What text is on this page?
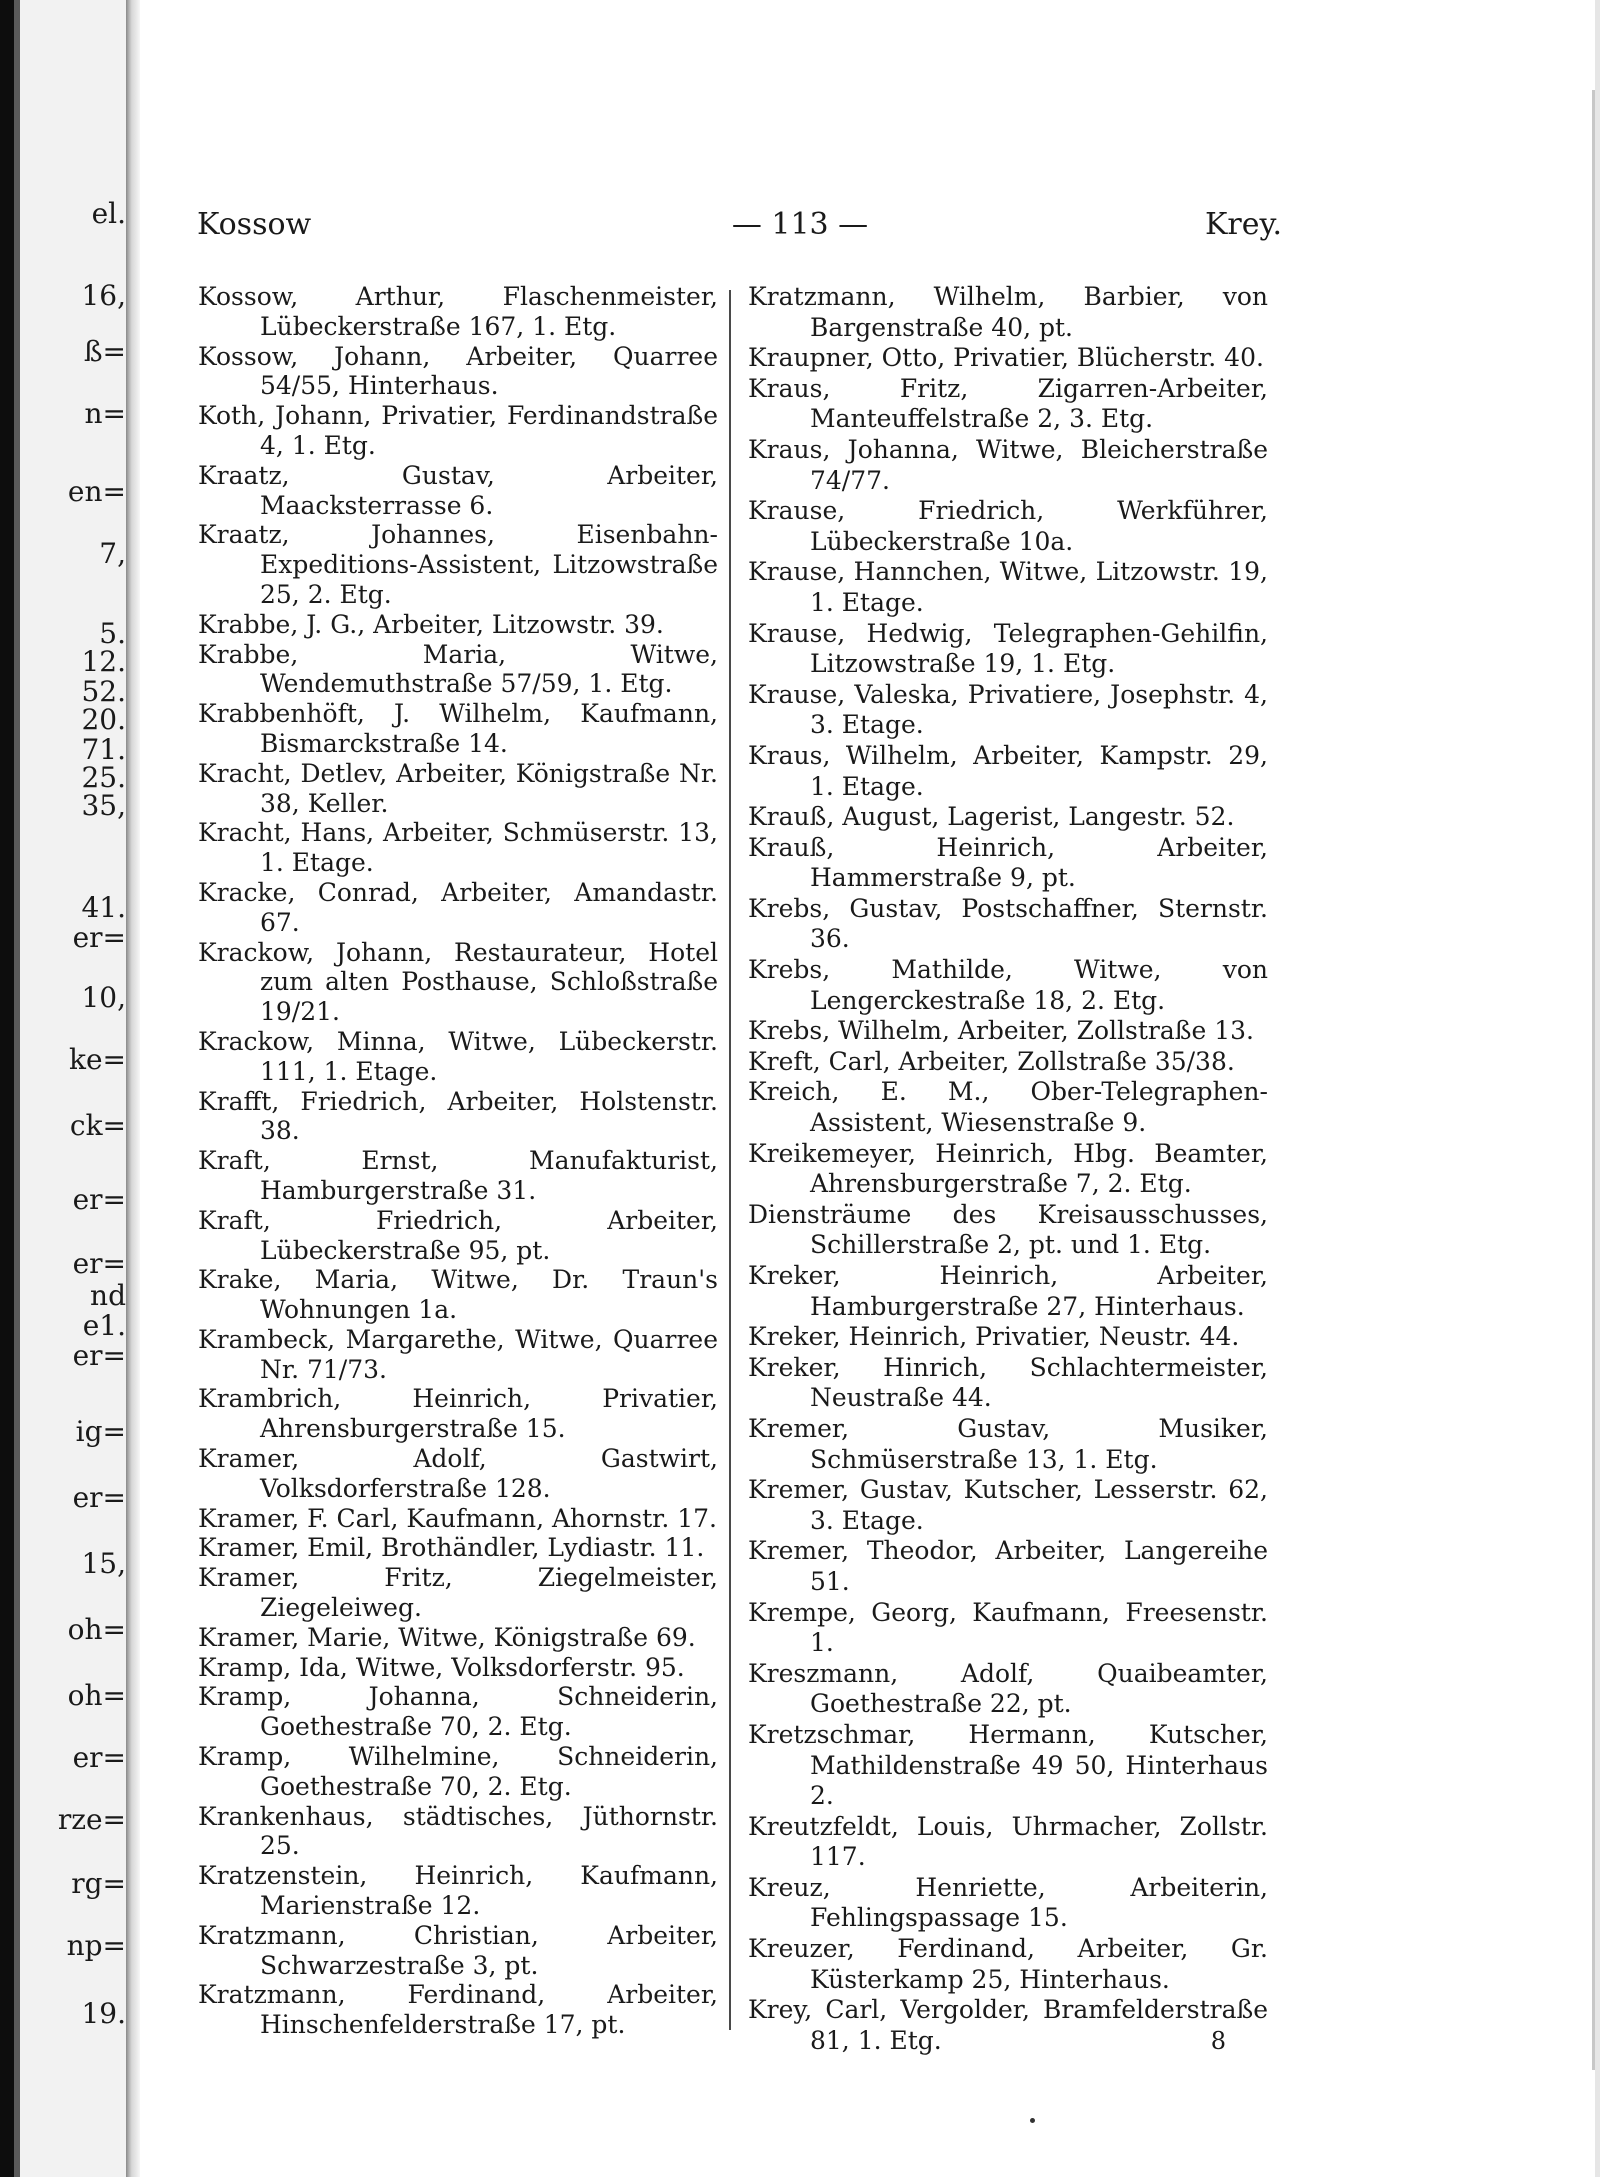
el.
16,
ß=
n=
en=
7,
5.
12.
52.
20.
71.
25.
35,
41.
er=
10,
ke=
ck=
er=
er=
nd
e1.
er=
ig=
er=
15,
oh=
oh=
er=
rze=
rg=
np=
19.
Kossow	— 113 —	Krey.
Kossow, Arthur, Flaschenmeister, Lübeckerstraße 167, 1. Etg.
Kossow, Johann, Arbeiter, Quarree 54/55, Hinterhaus.
Koth, Johann, Privatier, Ferdinandstraße 4, 1. Etg.
Kraatz, Gustav, Arbeiter, Maacksterrasse 6.
Kraatz, Johannes, Eisenbahn-Expeditions-Assistent, Litzowstraße 25, 2. Etg.
Krabbe, J. G., Arbeiter, Litzowstr. 39.
Krabbe, Maria, Witwe, Wendemuthstraße 57/59, 1. Etg.
Krabbenhöft, J. Wilhelm, Kaufmann, Bismarckstraße 14.
Kracht, Detlev, Arbeiter, Königstraße Nr. 38, Keller.
Kracht, Hans, Arbeiter, Schmüserstr. 13, 1. Etage.
Kracke, Conrad, Arbeiter, Amandastr. 67.
Krackow, Johann, Restaurateur, Hotel zum alten Posthause, Schloßstraße 19/21.
Krackow, Minna, Witwe, Lübeckerstr. 111, 1. Etage.
Krafft, Friedrich, Arbeiter, Holstenstr. 38.
Kraft, Ernst, Manufakturist, Hamburgerstraße 31.
Kraft, Friedrich, Arbeiter, Lübeckerstraße 95, pt.
Krake, Maria, Witwe, Dr. Traun's Wohnungen 1a.
Krambeck, Margarethe, Witwe, Quarree Nr. 71/73.
Krambrich, Heinrich, Privatier, Ahrensburgerstraße 15.
Kramer, Adolf, Gastwirt, Volksdorferstraße 128.
Kramer, F. Carl, Kaufmann, Ahornstr. 17.
Kramer, Emil, Brothändler, Lydiastr. 11.
Kramer, Fritz, Ziegelmeister, Ziegeleiweg.
Kramer, Marie, Witwe, Königstraße 69.
Kramp, Ida, Witwe, Volksdorferstr. 95.
Kramp, Johanna, Schneiderin, Goethestraße 70, 2. Etg.
Kramp, Wilhelmine, Schneiderin, Goethestraße 70, 2. Etg.
Krankenhaus, städtisches, Jüthornstr. 25.
Kratzenstein, Heinrich, Kaufmann, Marienstraße 12.
Kratzmann, Christian, Arbeiter, Schwarzestraße 3, pt.
Kratzmann, Ferdinand, Arbeiter, Hinschenfelderstraße 17, pt.
Kratzmann, Wilhelm, Barbier, von Bargenstraße 40, pt.
Kraupner, Otto, Privatier, Blücherstr. 40.
Kraus, Fritz, Zigarren-Arbeiter, Manteuffelstraße 2, 3. Etg.
Kraus, Johanna, Witwe, Bleicherstraße 74/77.
Krause, Friedrich, Werkführer, Lübeckerstraße 10a.
Krause, Hannchen, Witwe, Litzowstr. 19, 1. Etage.
Krause, Hedwig, Telegraphen-Gehilfin, Litzowstraße 19, 1. Etg.
Krause, Valeska, Privatiere, Josephstr. 4, 3. Etage.
Kraus, Wilhelm, Arbeiter, Kampstr. 29, 1. Etage.
Krauß, August, Lagerist, Langestr. 52.
Krauß, Heinrich, Arbeiter, Hammerstraße 9, pt.
Krebs, Gustav, Postschaffner, Sternstr. 36.
Krebs, Mathilde, Witwe, von Lengerckestraße 18, 2. Etg.
Krebs, Wilhelm, Arbeiter, Zollstraße 13.
Kreft, Carl, Arbeiter, Zollstraße 35/38.
Kreich, E. M., Ober-Telegraphen-Assistent, Wiesenstraße 9.
Kreikemeyer, Heinrich, Hbg. Beamter, Ahrensburgerstraße 7, 2. Etg.
Diensträume des Kreisausschusses, Schillerstraße 2, pt. und 1. Etg.
Kreker, Heinrich, Arbeiter, Hamburgerstraße 27, Hinterhaus.
Kreker, Heinrich, Privatier, Neustr. 44.
Kreker, Hinrich, Schlachtermeister, Neustraße 44.
Kremer, Gustav, Musiker, Schmüserstraße 13, 1. Etg.
Kremer, Gustav, Kutscher, Lesserstr. 62, 3. Etage.
Kremer, Theodor, Arbeiter, Langereihe 51.
Krempe, Georg, Kaufmann, Freesenstr. 1.
Kreszmann, Adolf, Quaibeamter, Goethestraße 22, pt.
Kretzschmar, Hermann, Kutscher, Mathildenstraße 49 50, Hinterhaus 2.
Kreutzfeldt, Louis, Uhrmacher, Zollstr. 117.
Kreuz, Henriette, Arbeiterin, Fehlingspassage 15.
Kreuzer, Ferdinand, Arbeiter, Gr. Küsterkamp 25, Hinterhaus.
Krey, Carl, Vergolder, Bramfelderstraße 81, 1. Etg.	8
